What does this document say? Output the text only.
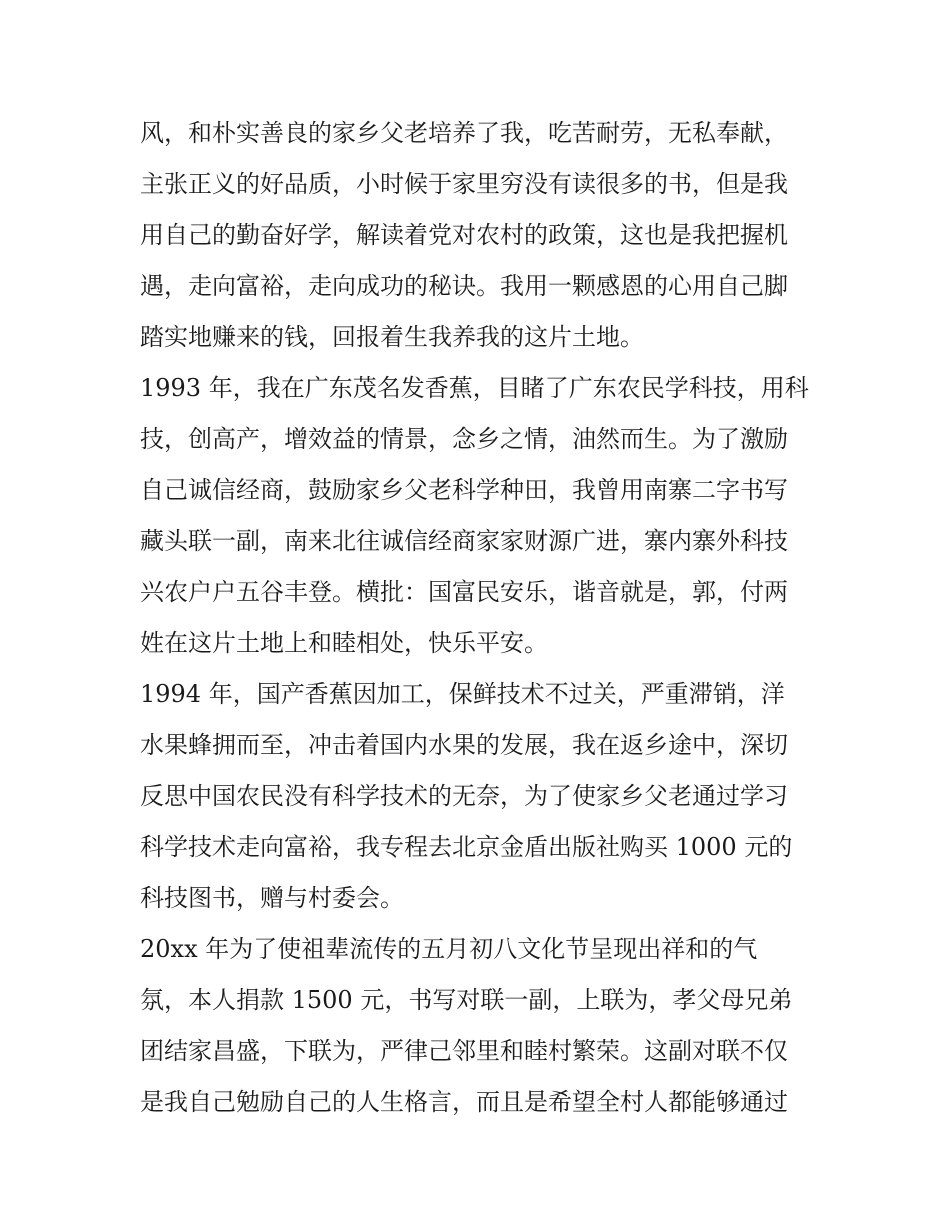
风，和朴实善良的家乡父老培养了我，吃苦耐劳，无私奉献，
主张正义的好品质，小时候于家里穷没有读很多的书，但是我
用自己的勤奋好学，解读着党对农村的政策，这也是我把握机
遇，走向富裕，走向成功的秘诀。我用一颗感恩的心用自己脚
踏实地赚来的钱，回报着生我养我的这片土地。
1993 年，我在广东茂名发香蕉，目睹了广东农民学科技，用科
技，创高产，增效益的情景，念乡之情，油然而生。为了激励
自己诚信经商，鼓励家乡父老科学种田，我曾用南寨二字书写
藏头联一副，南来北往诚信经商家家财源广进，寨内寨外科技
兴农户户五谷丰登。横批：国富民安乐，谐音就是，郭，付两
姓在这片土地上和睦相处，快乐平安。
1994 年，国产香蕉因加工，保鲜技术不过关，严重滞销，洋
水果蜂拥而至，冲击着国内水果的发展，我在返乡途中，深切
反思中国农民没有科学技术的无奈，为了使家乡父老通过学习
科学技术走向富裕，我专程去北京金盾出版社购买 1000 元的
科技图书，赠与村委会。
20xx 年为了使祖辈流传的五月初八文化节呈现出祥和的气
氛，本人捐款 1500 元，书写对联一副，上联为，孝父母兄弟
团结家昌盛，下联为，严律己邻里和睦村繁荣。这副对联不仅
是我自己勉励自己的人生格言，而且是希望全村人都能够通过
